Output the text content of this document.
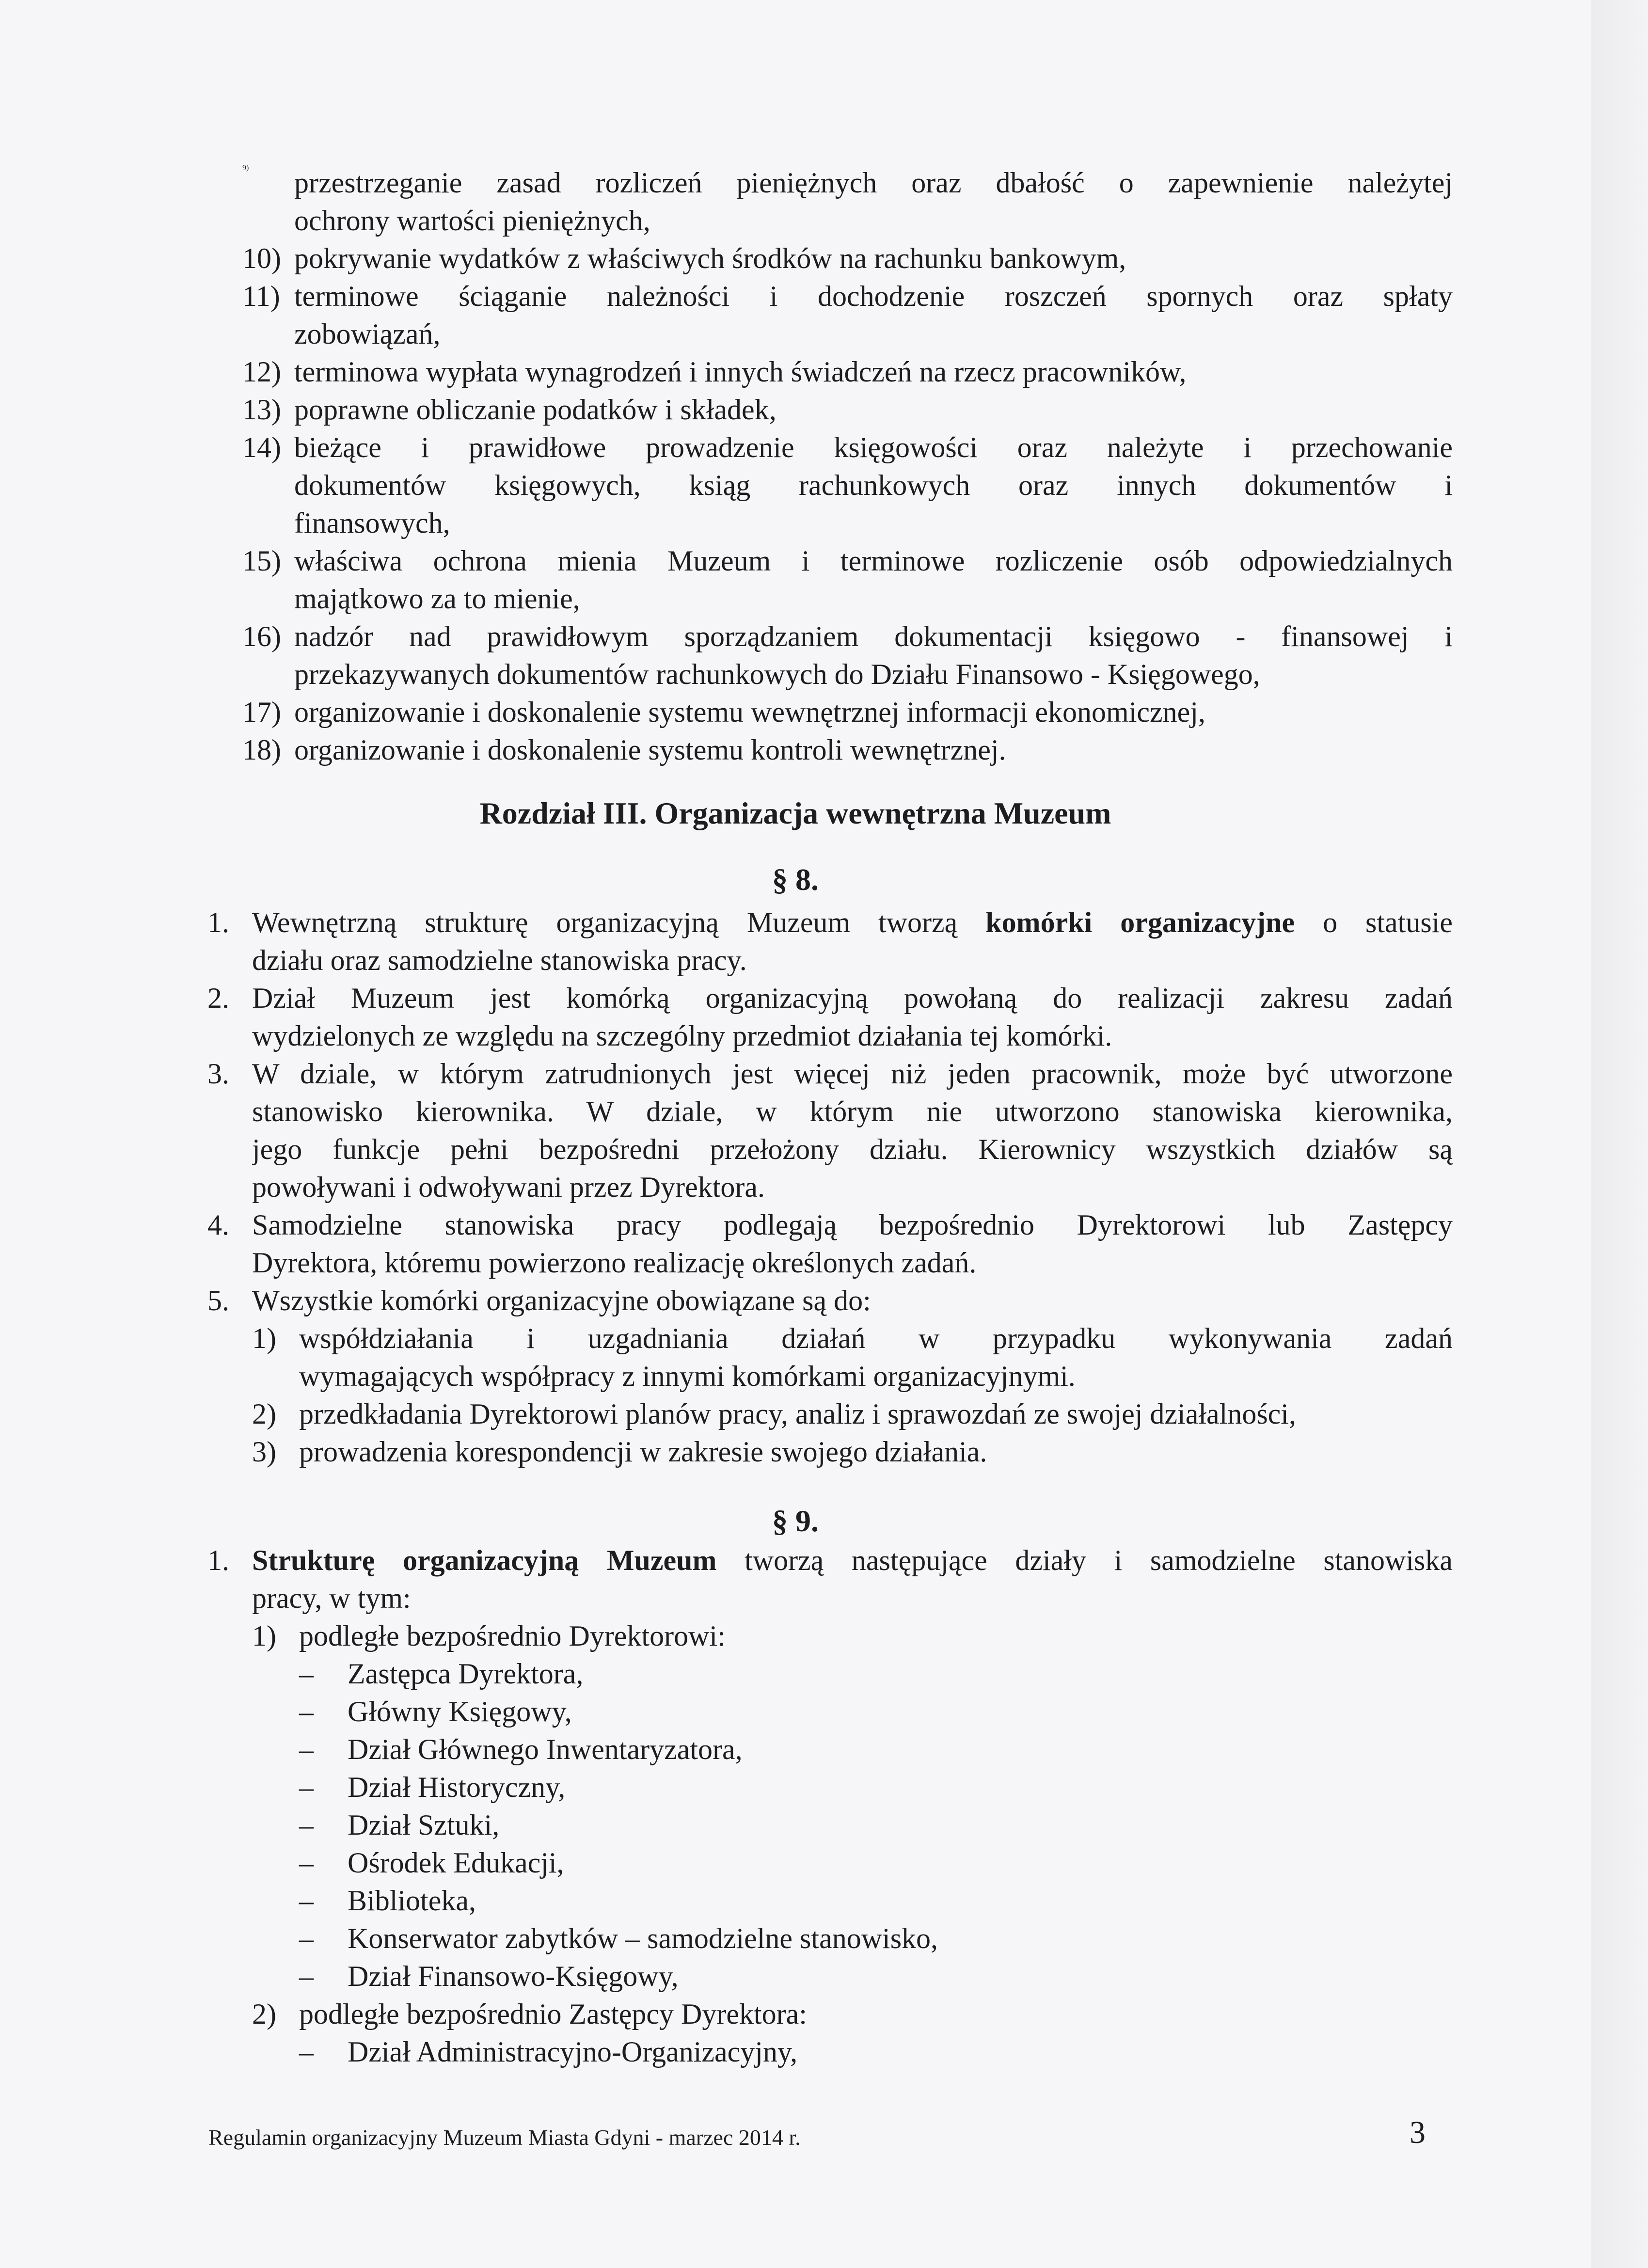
9) przestrzeganie zasad rozliczeń pieniężnych oraz dbałość o zapewnienie należytej
ochrony wartości pieniężnych,
10) pokrywanie wydatków z właściwych środków na rachunku bankowym,
11) terminowe ściąganie należności i dochodzenie roszczeń spornych oraz spłaty
zobowiązań,
12) terminowa wypłata wynagrodzeń i innych świadczeń na rzecz pracowników,
13) poprawne obliczanie podatków i składek,
14) bieżące i prawidłowe prowadzenie księgowości oraz należyte i przechowanie
dokumentów księgowych, ksiąg rachunkowych oraz innych dokumentów i
finansowych,
15) właściwa ochrona mienia Muzeum i terminowe rozliczenie osób odpowiedzialnych
majątkowo za to mienie,
16) nadzór nad prawidłowym sporządzaniem dokumentacji księgowo - finansowej i
przekazywanych dokumentów rachunkowych do Działu Finansowo - Księgowego,
17) organizowanie i doskonalenie systemu wewnętrznej informacji ekonomicznej,
18) organizowanie i doskonalenie systemu kontroli wewnętrznej.
Rozdział III. Organizacja wewnętrzna Muzeum
§ 8.
1. Wewnętrzną strukturę organizacyjną Muzeum tworzą komórki organizacyjne o statusie
działu oraz samodzielne stanowiska pracy.
2. Dział Muzeum jest komórką organizacyjną powołaną do realizacji zakresu zadań
wydzielonych ze względu na szczególny przedmiot działania tej komórki.
3. W dziale, w którym zatrudnionych jest więcej niż jeden pracownik, może być utworzone
stanowisko kierownika. W dziale, w którym nie utworzono stanowiska kierownika,
jego funkcje pełni bezpośredni przełożony działu. Kierownicy wszystkich działów są
powoływani i odwoływani przez Dyrektora.
4. Samodzielne stanowiska pracy podlegają bezpośrednio Dyrektorowi lub Zastępcy
Dyrektora, któremu powierzono realizację określonych zadań.
5. Wszystkie komórki organizacyjne obowiązane są do:
1) współdziałania i uzgadniania działań w przypadku wykonywania zadań
wymagających współpracy z innymi komórkami organizacyjnymi.
2) przedkładania Dyrektorowi planów pracy, analiz i sprawozdań ze swojej działalności,
3) prowadzenia korespondencji w zakresie swojego działania.
§ 9.
1. Strukturę organizacyjną Muzeum tworzą następujące działy i samodzielne stanowiska
pracy, w tym:
1) podległe bezpośrednio Dyrektorowi:
– Zastępca Dyrektora,
– Główny Księgowy,
– Dział Głównego Inwentaryzatora,
– Dział Historyczny,
– Dział Sztuki,
– Ośrodek Edukacji,
– Biblioteka,
– Konserwator zabytków – samodzielne stanowisko,
– Dział Finansowo-Księgowy,
2) podległe bezpośrednio Zastępcy Dyrektora:
– Dział Administracyjno-Organizacyjny,
Regulamin organizacyjny Muzeum Miasta Gdyni - marzec 2014 r.	3
